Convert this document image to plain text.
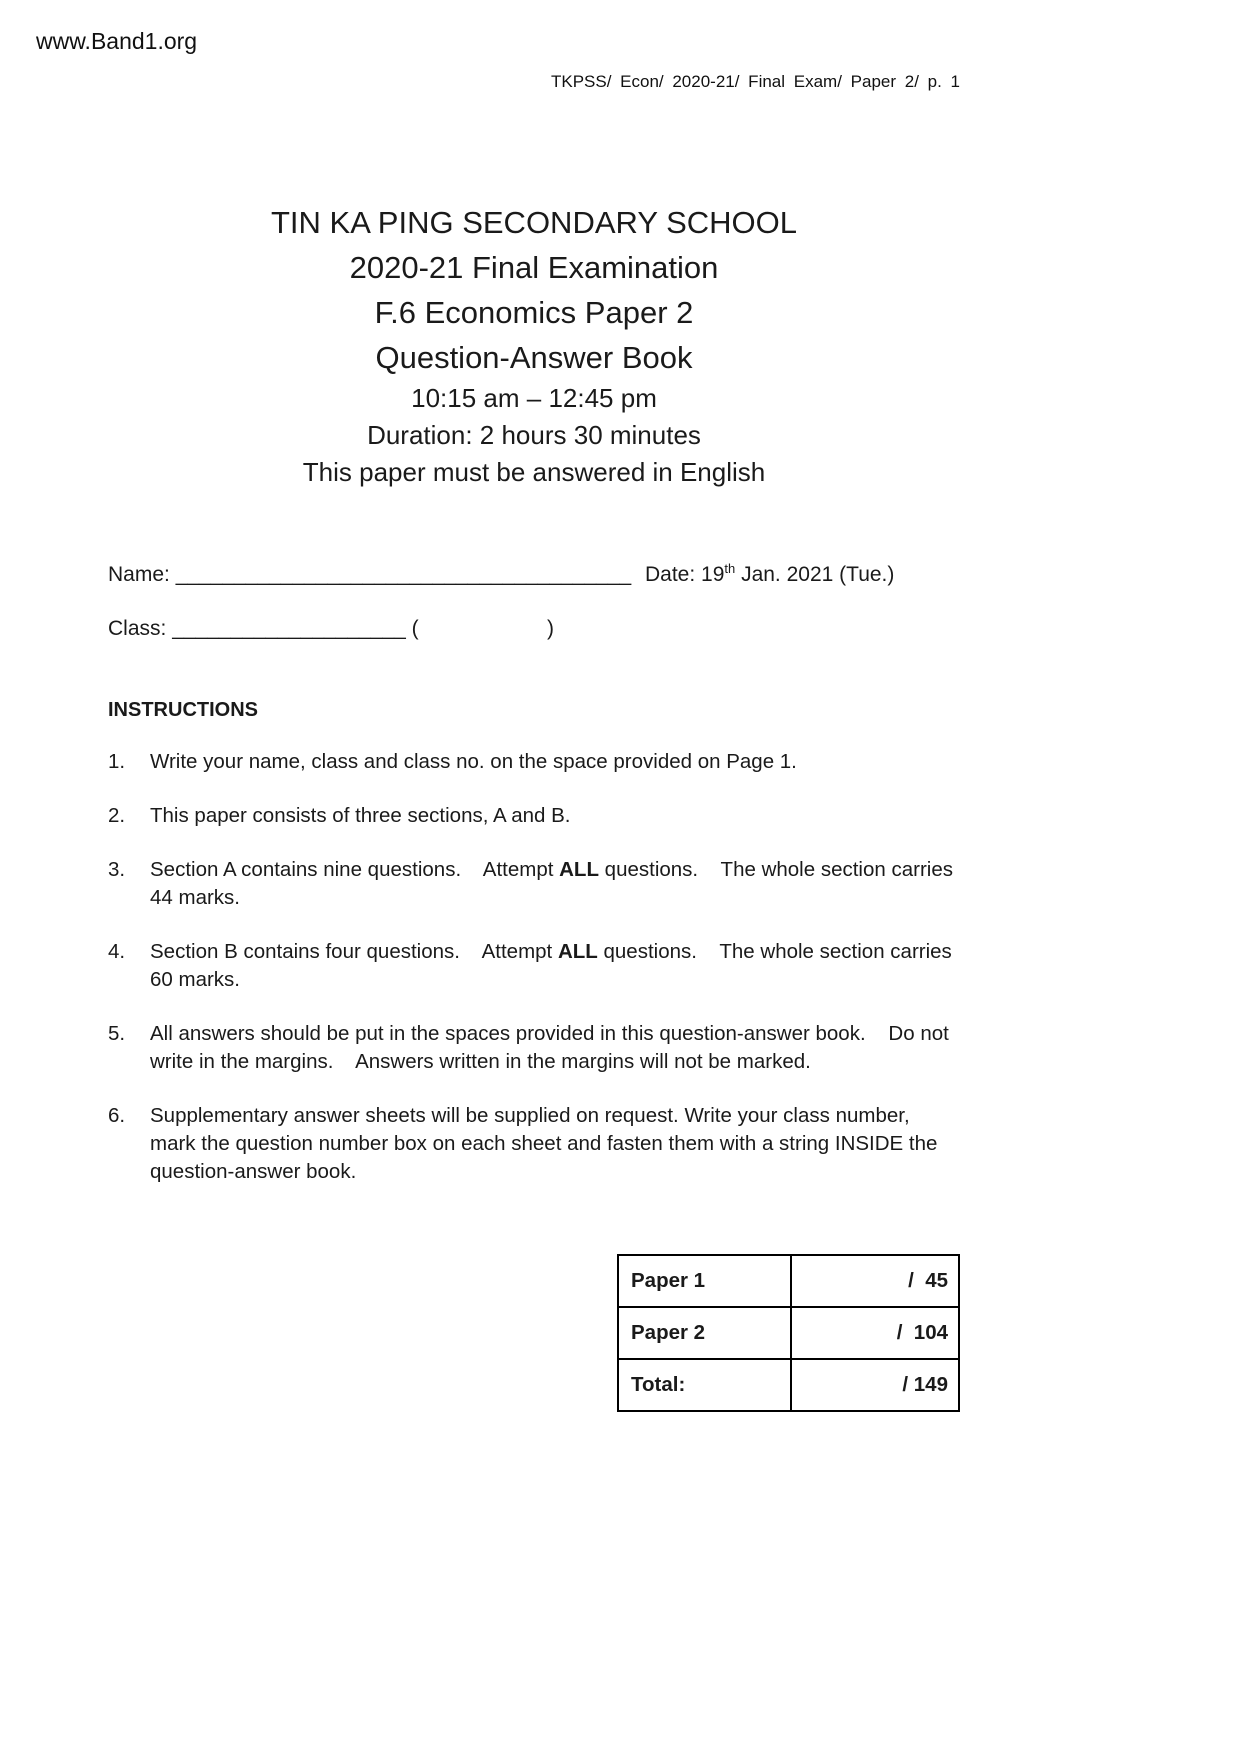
www.Band1.org
TKPSS/ Econ/ 2020-21/ Final Exam/ Paper 2/ p. 1
TIN KA PING SECONDARY SCHOOL
2020-21 Final Examination
F.6 Economics Paper 2
Question-Answer Book
10:15 am – 12:45 pm
Duration: 2 hours 30 minutes
This paper must be answered in English
Name: _______________________________________ Date: 19th Jan. 2021 (Tue.)
Class: ____________________ (                      )
INSTRUCTIONS
1.	Write your name, class and class no. on the space provided on Page 1.
2.	This paper consists of three sections, A and B.
3.	Section A contains nine questions.    Attempt ALL questions.    The whole section carries 44 marks.
4.	Section B contains four questions.    Attempt ALL questions.    The whole section carries 60 marks.
5.	All answers should be put in the spaces provided in this question-answer book.    Do not write in the margins.    Answers written in the margins will not be marked.
6.	Supplementary answer sheets will be supplied on request. Write your class number, mark the question number box on each sheet and fasten them with a string INSIDE the question-answer book.
Paper 1	/  45
Paper 2	/  104
Total:	/ 149
